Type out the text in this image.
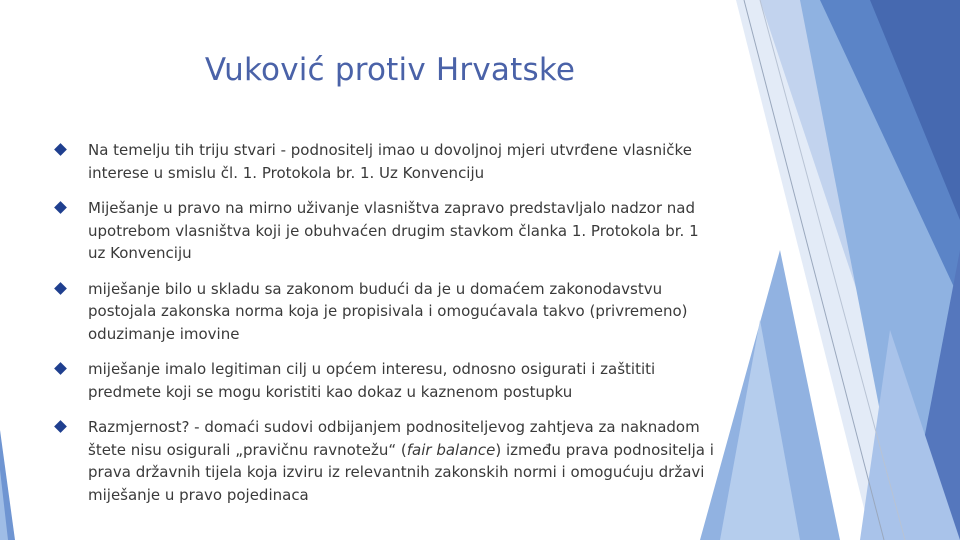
Vuković protiv Hrvatske
Na temelju tih triju stvari - podnositelj imao u dovoljnoj mjeri utvrđene vlasničke interese u smislu čl. 1. Protokola br. 1. Uz Konvenciju
Miješanje u pravo na mirno uživanje vlasništva zapravo predstavljalo nadzor nad upotrebom vlasništva koji je obuhvaćen drugim stavkom članka 1. Protokola br. 1 uz Konvenciju
miješanje bilo u skladu sa zakonom budući da je u domaćem zakonodavstvu postojala zakonska norma koja je propisivala i omogućavala takvo (privremeno) oduzimanje imovine
miješanje imalo legitiman cilj u općem interesu, odnosno osigurati i zaštititi predmete koji se mogu koristiti kao dokaz u kaznenom postupku
Razmjernost? - domaći sudovi odbijanjem podnositeljevog zahtjeva za naknadom štete nisu osigurali „pravičnu ravnotežu“ (fair balance) između prava podnositelja i prava državnih tijela koja izviru iz relevantnih zakonskih normi i omogućuju državi miješanje u pravo pojedinaca
